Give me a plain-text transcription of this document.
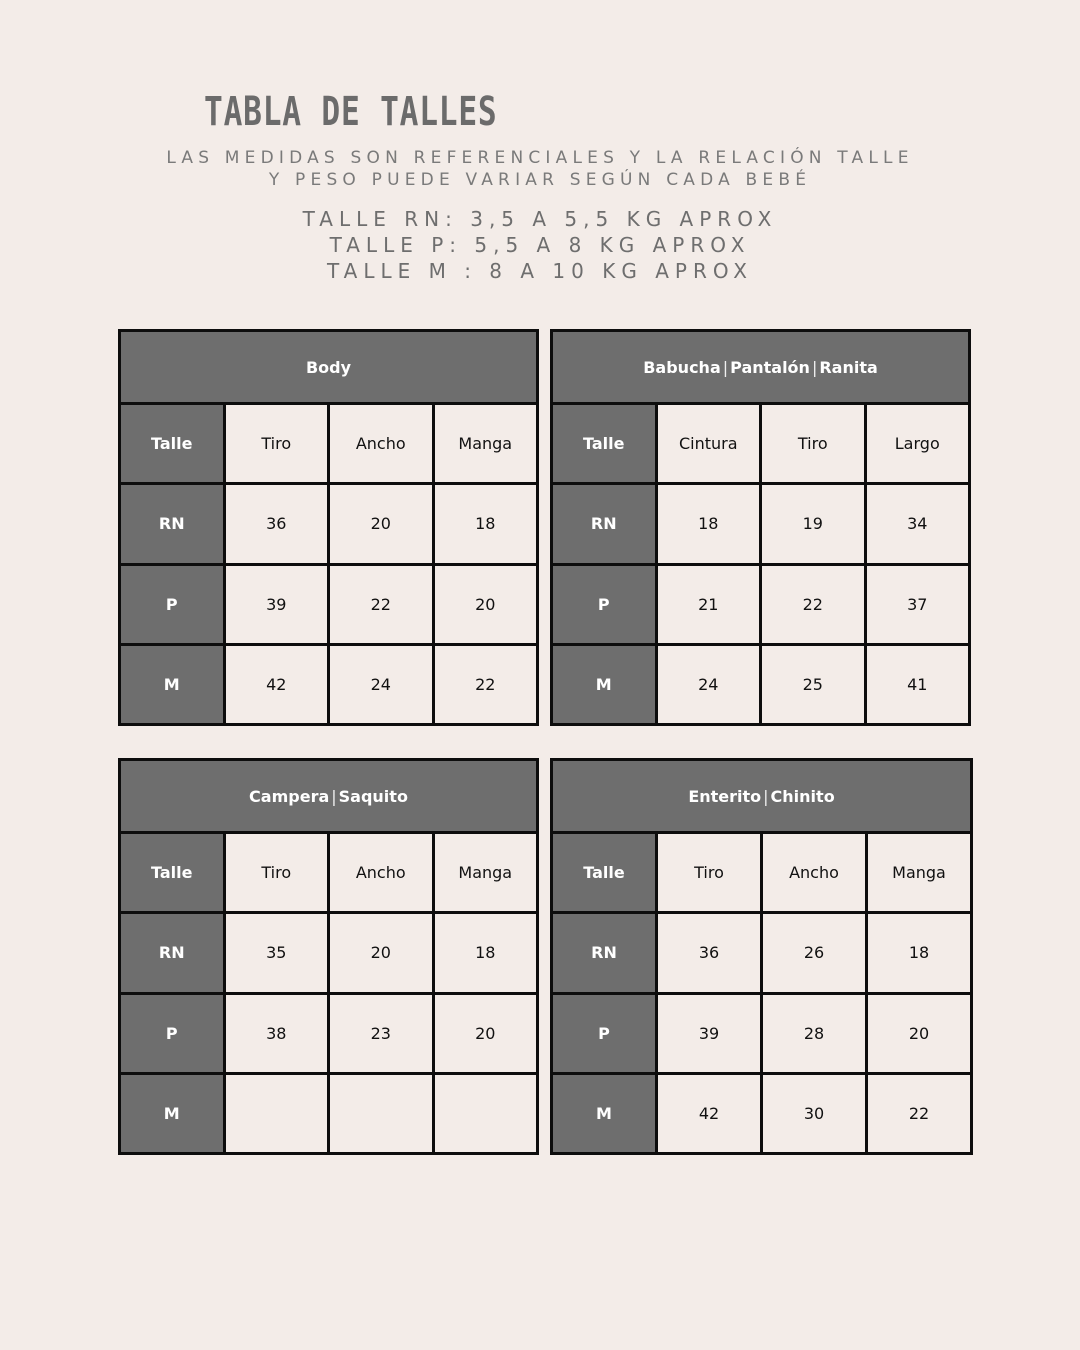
TABLA DE TALLES
LAS MEDIDAS SON REFERENCIALES Y LA RELACIÓN TALLE
Y PESO PUEDE VARIAR SEGÚN CADA BEBÉ
TALLE RN: 3,5 A 5,5 KG APROX
TALLE P: 5,5 A 8 KG APROX
TALLE M : 8 A 10 KG APROX
Body			
Talle	Tiro	Ancho	Manga
RN	36	20	18
P	39	22	20
M	42	24	22
Babucha | Pantalón | Ranita			
Talle	Cintura	Tiro	Largo
RN	18	19	34
P	21	22	37
M	24	25	41
Campera | Saquito			
Talle	Tiro	Ancho	Manga
RN	35	20	18
P	38	23	20
M			
Enterito | Chinito			
Talle	Tiro	Ancho	Manga
RN	36	26	18
P	39	28	20
M	42	30	22
